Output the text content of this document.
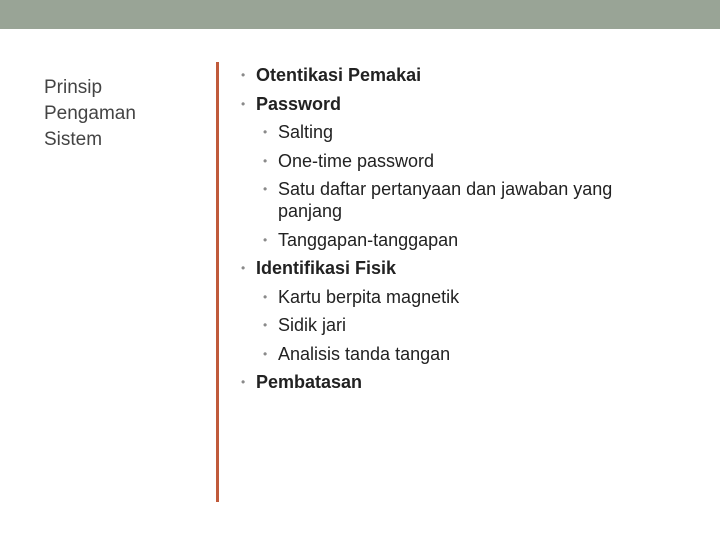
Prinsip
Pengaman
Sistem
• Otentikasi Pemakai
• Password
• Salting
• One-time password
• Satu daftar pertanyaan dan jawaban yang panjang
• Tanggapan-tanggapan
• Identifikasi Fisik
• Kartu berpita magnetik
• Sidik jari
• Analisis tanda tangan
• Pembatasan
